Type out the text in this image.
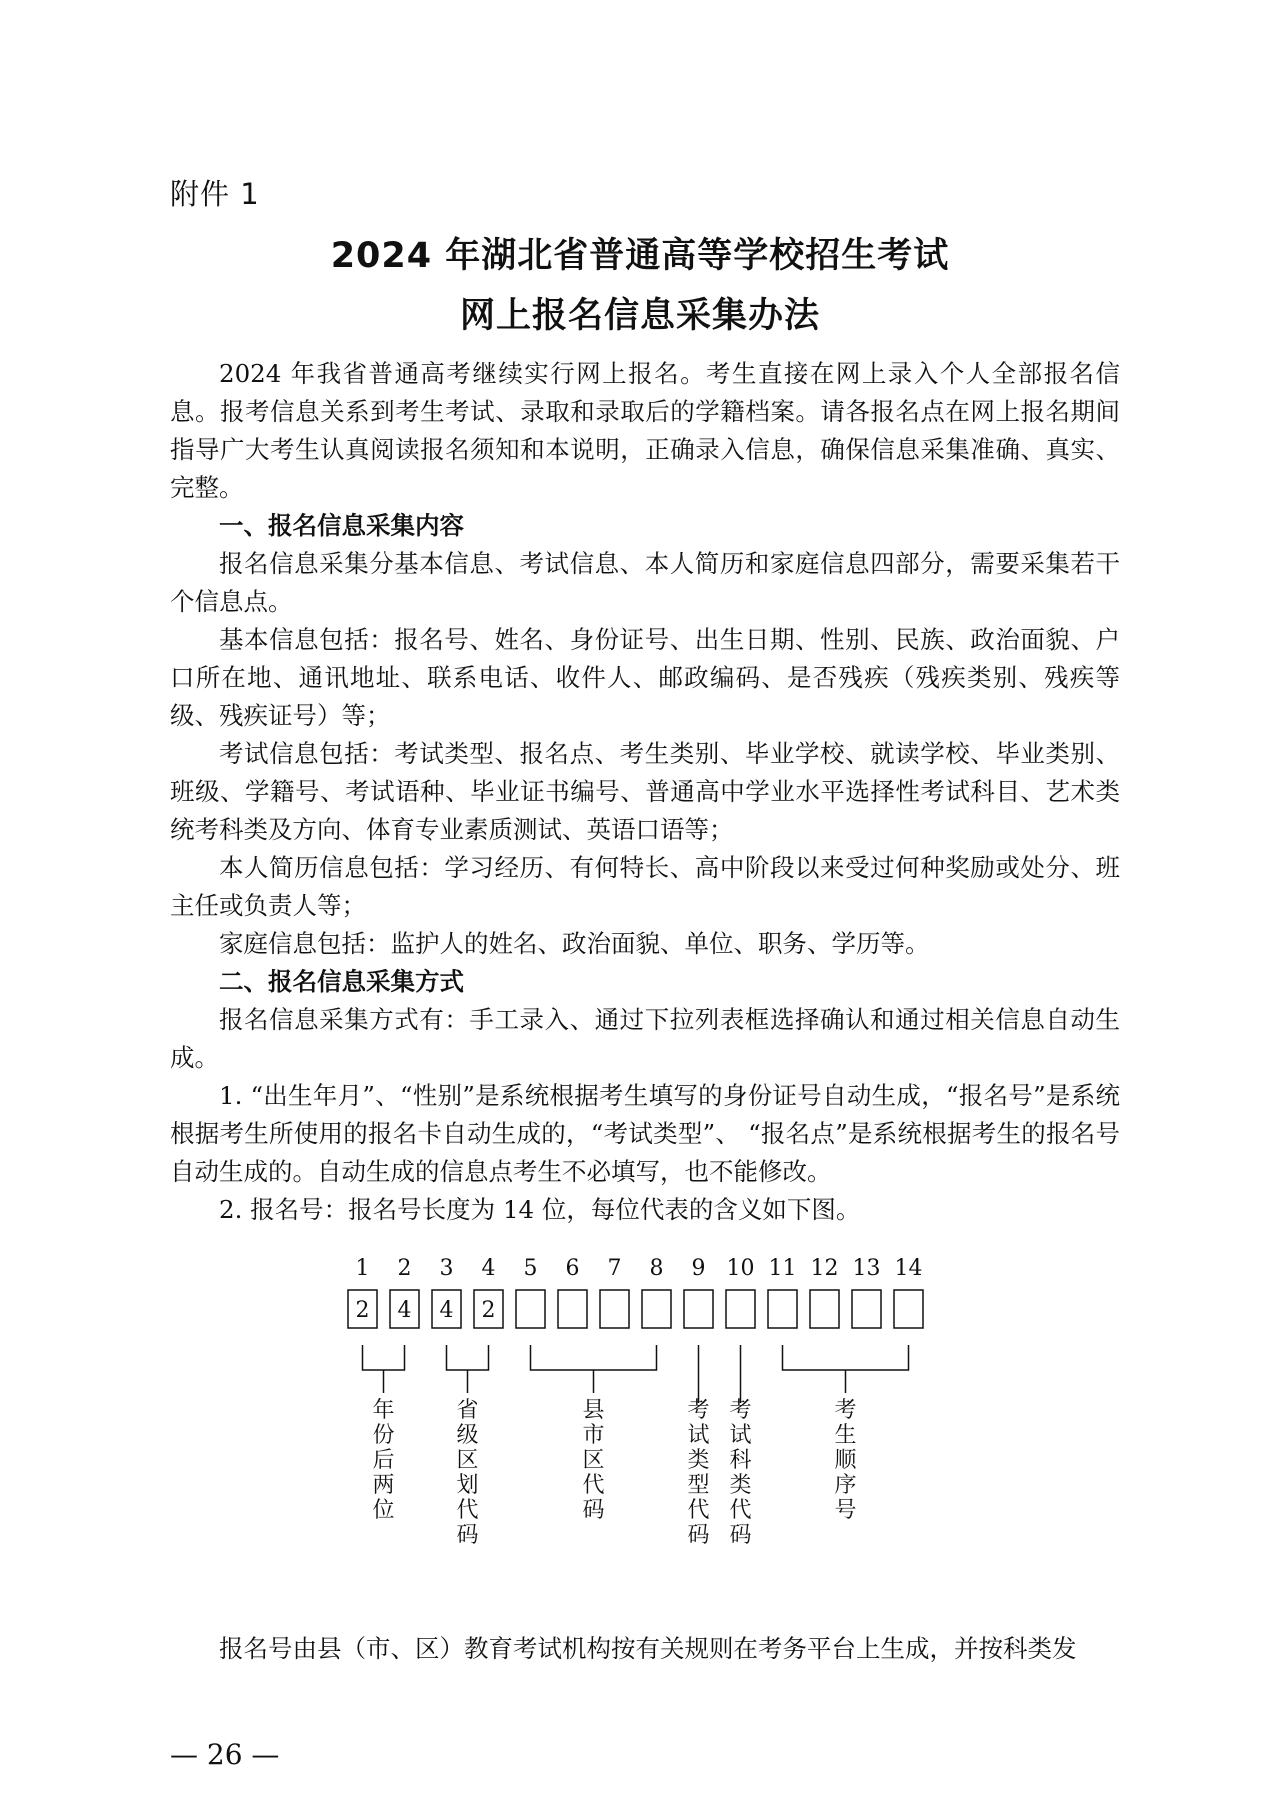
附件 1
2024 年湖北省普通高等学校招生考试
网上报名信息采集办法

2024 年我省普通高考继续实行网上报名。考生直接在网上录入个人全部报名信息。报考信息关系到考生考试、录取和录取后的学籍档案。请各报名点在网上报名期间指导广大考生认真阅读报名须知和本说明，正确录入信息，确保信息采集准确、真实、完整。

一、报名信息采集内容

报名信息采集分基本信息、考试信息、本人简历和家庭信息四部分，需要采集若干个信息点。

基本信息包括：报名号、姓名、身份证号、出生日期、性别、民族、政治面貌、户口所在地、通讯地址、联系电话、收件人、邮政编码、是否残疾（残疾类别、残疾等级、残疾证号）等；

考试信息包括：考试类型、报名点、考生类别、毕业学校、就读学校、毕业类别、班级、学籍号、考试语种、毕业证书编号、普通高中学业水平选择性考试科目、艺术类统考科类及方向、体育专业素质测试、英语口语等；

本人简历信息包括：学习经历、有何特长、高中阶段以来受过何种奖励或处分、班主任或负责人等；

家庭信息包括：监护人的姓名、政治面貌、单位、职务、学历等。

二、报名信息采集方式

报名信息采集方式有：手工录入、通过下拉列表框选择确认和通过相关信息自动生成。

1. “出生年月”、“性别”是系统根据考生填写的身份证号自动生成，“报名号”是系统根据考生所使用的报名卡自动生成的，“考试类型”、 “报名点”是系统根据考生的报名号自动生成的。自动生成的信息点考生不必填写，也不能修改。

2. 报名号：报名号长度为 14 位，每位代表的含义如下图。

1
2
2
4
3
4
4
2
5 6 7 8 9 10 11 12 13 14
年份后两位
省级区划代码
县市区代码
考试类型代码
考试科类代码
考生顺序号
报名号由县（市、区）教育考试机构按有关规则在考务平台上生成，并按科类发
— 26 —
